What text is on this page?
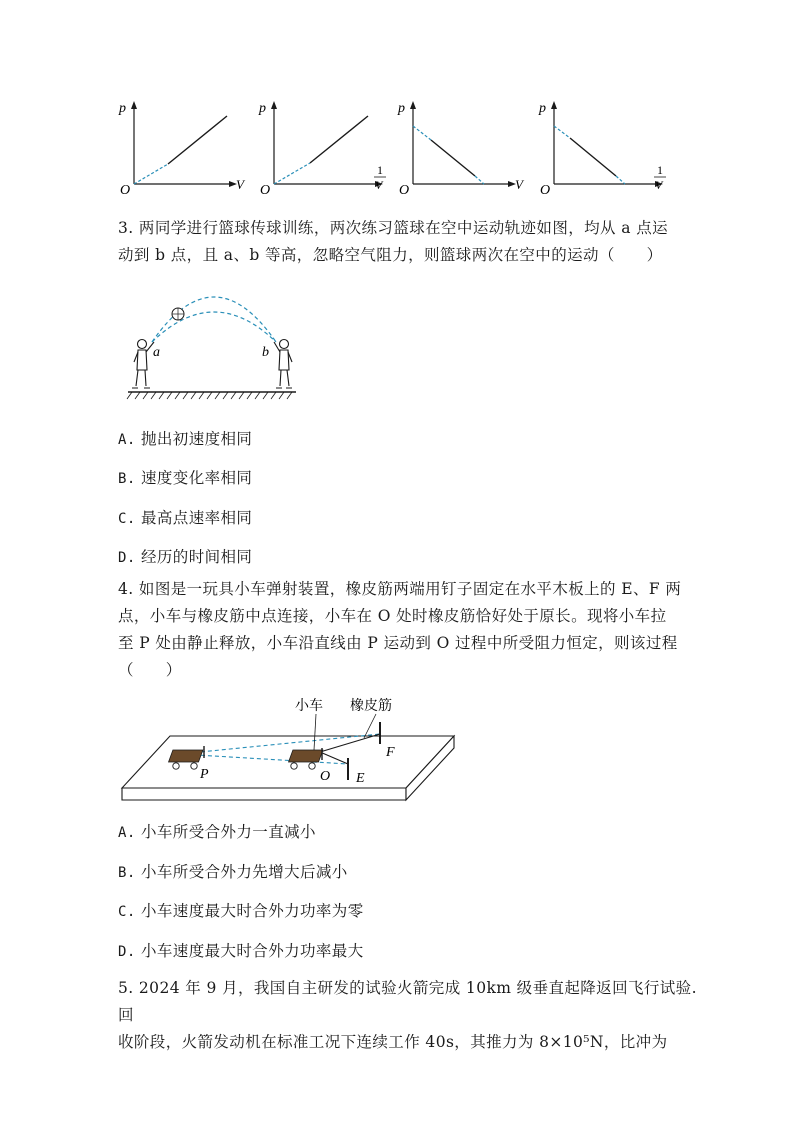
p
O	V
p
O
1
V
p
O	V
p
O
1
V
3. 两同学进行篮球传球训练，两次练习篮球在空中运动轨迹如图，均从 a 点运
动到 b 点，且 a、b 等高，忽略空气阻力，则篮球两次在空中的运动（　　）
a	b
A. 抛出初速度相同
B. 速度变化率相同
C. 最高点速率相同
D. 经历的时间相同
4. 如图是一玩具小车弹射装置，橡皮筋两端用钉子固定在水平木板上的 E、F 两
点，小车与橡皮筋中点连接，小车在 O 处时橡皮筋恰好处于原长。现将小车拉
至 P 处由静止释放，小车沿直线由 P 运动到 O 过程中所受阻力恒定，则该过程
（　　）
小车 橡皮筋
P	O E
F
A. 小车所受合外力一直减小
B. 小车所受合外力先增大后减小
C. 小车速度最大时合外力功率为零
D. 小车速度最大时合外力功率最大
5. 2024 年 9 月，我国自主研发的试验火箭完成 10km 级垂直起降返回飞行试验. 回
收阶段，火箭发动机在标准工况下连续工作 40s，其推力为 8×10⁵N，比冲为
